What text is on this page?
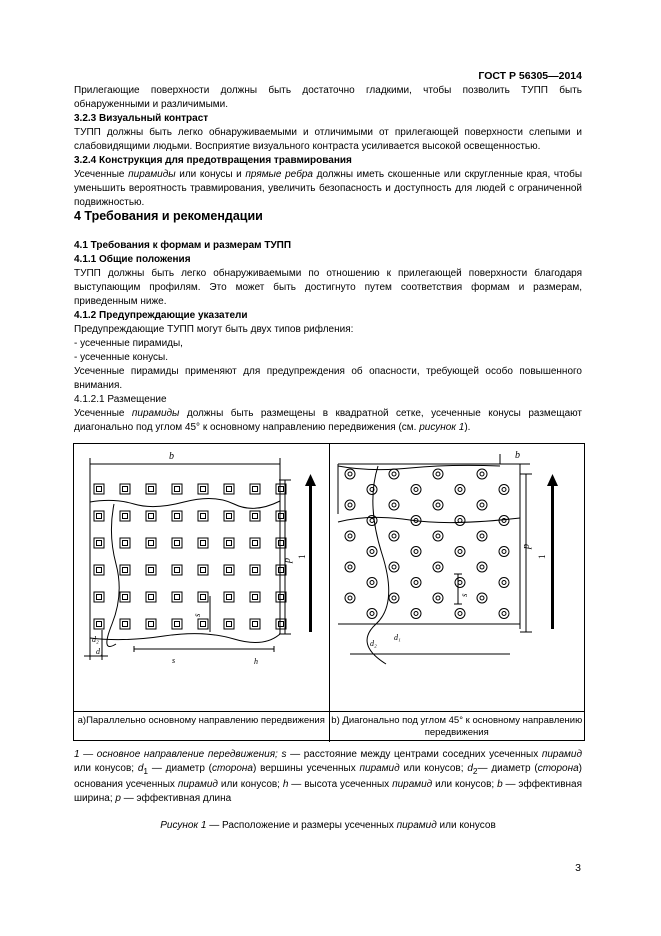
ГОСТ Р 56305—2014

Прилегающие поверхности должны быть достаточно гладкими, чтобы позволить ТУПП быть обнаруженными и различимыми.

3.2.3 Визуальный контраст

ТУПП должны быть легко обнаруживаемыми и отличимыми от прилегающей поверхности слепыми и слабовидящими людьми. Восприятие визуального контраста усиливается высокой освещенностью.

3.2.4 Конструкция для предотвращения травмирования

Усеченные пирамиды или конусы и прямые ребра должны иметь скошенные или скругленные края, чтобы уменьшить вероятность травмирования, увеличить безопасность и доступность для людей с ограниченной подвижностью.

4 Требования и рекомендации

4.1 Требования к формам и размерам ТУПП

4.1.1 Общие положения

ТУПП должны быть легко обнаруживаемыми по отношению к прилегающей поверхности благодаря выступающим профилям. Это может быть достигнуто путем соответствия формам и размерам, приведенным ниже.

4.1.2 Предупреждающие указатели

Предупреждающие ТУПП могут быть двух типов рифления:

- усеченные пирамиды,

- усеченные конусы.

Усеченные пирамиды применяют для предупреждения об опасности, требующей особо повышенного внимания.

4.1.2.1 Размещение

Усеченные пирамиды должны быть размещены в квадратной сетке, усеченные конусы размещают диагонально под углом 45° к основному направлению передвижения (см. рисунок 1).

b
p
s
d₂
d₁
1
s	h
b
p
s
d₁
d₂
1
а)Параллельно основному направлению передвижения b) Диагонально под углом 45° к основному направлению передвижения
1 — основное направление передвижения; s — расстояние между центрами соседних усеченных пирамид или конусов; $d_1$ — диаметр (сторона) вершины усеченных пирамид или конусов; $d_2—$ диаметр (сторона) основания усеченных пирамид или конусов; h — высота усеченных пирамид или конусов; b — эффективная ширина; p — эффективная длина
Рисунок 1 — Расположение и размеры усеченных пирамид или конусов
3
